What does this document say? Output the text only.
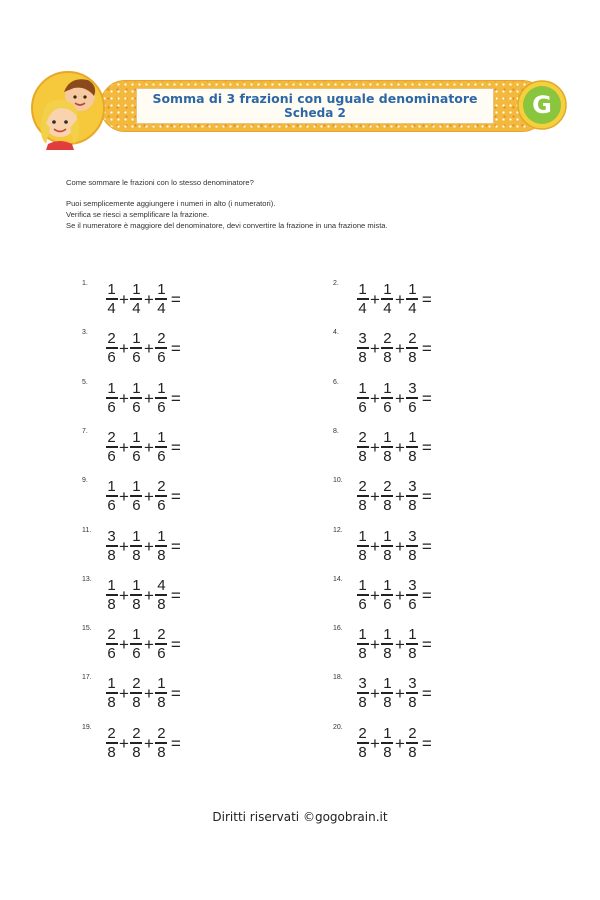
Somma di 3 frazioni con uguale denominatore
Scheda 2	G
Come sommare le frazioni con lo stesso denominatore?
Puoi semplicemente aggiungere i numeri in alto (i numeratori).
Verifica se riesci a semplificare la frazione.
Se il numeratore è maggiore del denominatore, devi convertire la frazione in una frazione mista.
1. $\frac{1}{4} + \frac{1}{4} + \frac{1}{4}$ =
2. $\frac{1}{4} + \frac{1}{4} + \frac{1}{4}$ =
3. $\frac{2}{6} + \frac{1}{6} + \frac{2}{6}$ =
4. $\frac{3}{8} + \frac{2}{8} + \frac{2}{8}$ =
5. $\frac{1}{6} + \frac{1}{6} + \frac{1}{6}$ =
6. $\frac{1}{6} + \frac{1}{6} + \frac{3}{6}$ =
7. $\frac{2}{6} + \frac{1}{6} + \frac{1}{6}$ =
8. $\frac{2}{8} + \frac{1}{8} + \frac{1}{8}$ =
9. $\frac{1}{6} + \frac{1}{6} + \frac{2}{6}$ =
10. $\frac{2}{8} + \frac{2}{8} + \frac{3}{8}$ =
11. $\frac{3}{8} + \frac{1}{8} + \frac{1}{8}$ =
12. $\frac{1}{8} + \frac{1}{8} + \frac{3}{8}$ =
13. $\frac{1}{8} + \frac{1}{8} + \frac{4}{8}$ =
14. $\frac{1}{6} + \frac{1}{6} + \frac{3}{6}$ =
15. $\frac{2}{6} + \frac{1}{6} + \frac{2}{6}$ =
16. $\frac{1}{8} + \frac{1}{8} + \frac{1}{8}$ =
17. $\frac{1}{8} + \frac{2}{8} + \frac{1}{8}$ =
18. $\frac{3}{8} + \frac{1}{8} + \frac{3}{8}$ =
19. $\frac{2}{8} + \frac{2}{8} + \frac{2}{8}$ =
20. $\frac{2}{8} + \frac{1}{8} + \frac{2}{8}$ =
Diritti riservati ©gogobrain.it
